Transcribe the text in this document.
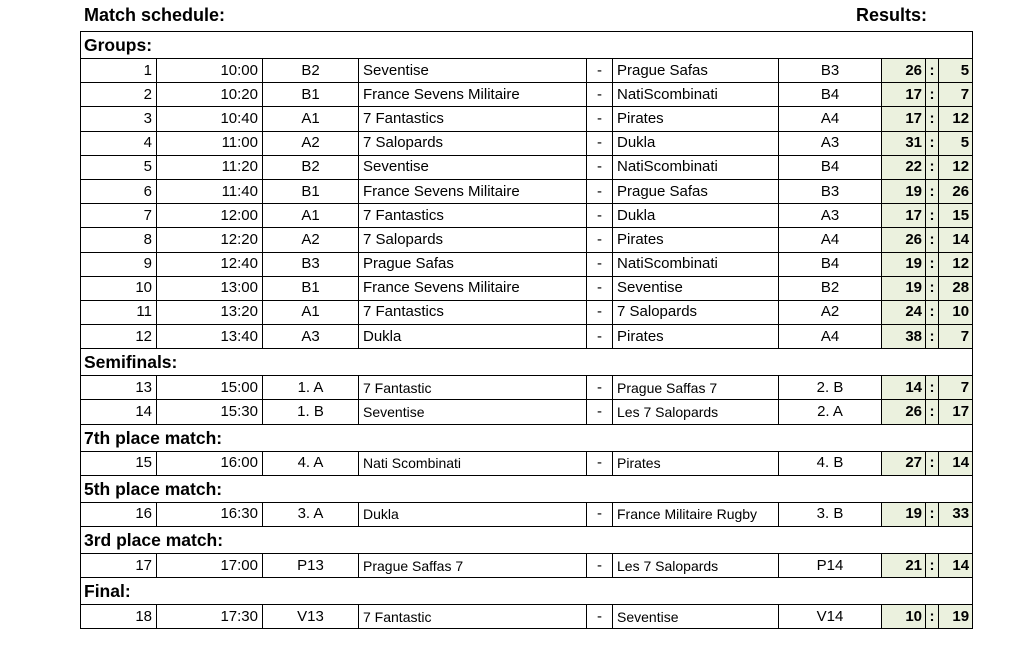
Match schedule:	Results:
Groups:									
1	10:00	B2	Seventise	-	Prague Safas	B3	26	:	5
2	10:20	B1	France Sevens Militaire	-	NatiScombinati	B4	17	:	7
3	10:40	A1	7 Fantastics	-	Pirates	A4	17	:	12
4	11:00	A2	7 Salopards	-	Dukla	A3	31	:	5
5	11:20	B2	Seventise	-	NatiScombinati	B4	22	:	12
6	11:40	B1	France Sevens Militaire	-	Prague Safas	B3	19	:	26
7	12:00	A1	7 Fantastics	-	Dukla	A3	17	:	15
8	12:20	A2	7 Salopards	-	Pirates	A4	26	:	14
9	12:40	B3	Prague Safas	-	NatiScombinati	B4	19	:	12
10	13:00	B1	France Sevens Militaire	-	Seventise	B2	19	:	28
11	13:20	A1	7 Fantastics	-	7 Salopards	A2	24	:	10
12	13:40	A3	Dukla	-	Pirates	A4	38	:	7
Semifinals:									
13	15:00	1. A	7 Fantastic	-	Prague Saffas 7	2. B	14	:	7
14	15:30	1. B	Seventise	-	Les 7 Salopards	2. A	26	:	17
7th place match:									
15	16:00	4. A	Nati Scombinati	-	Pirates	4. B	27	:	14
5th place match:									
16	16:30	3. A	Dukla	-	France Militaire Rugby	3. B	19	:	33
3rd place match:									
17	17:00	P13	Prague Saffas 7	-	Les 7 Salopards	P14	21	:	14
Final:									
18	17:30	V13	7 Fantastic	-	Seventise	V14	10	:	19
